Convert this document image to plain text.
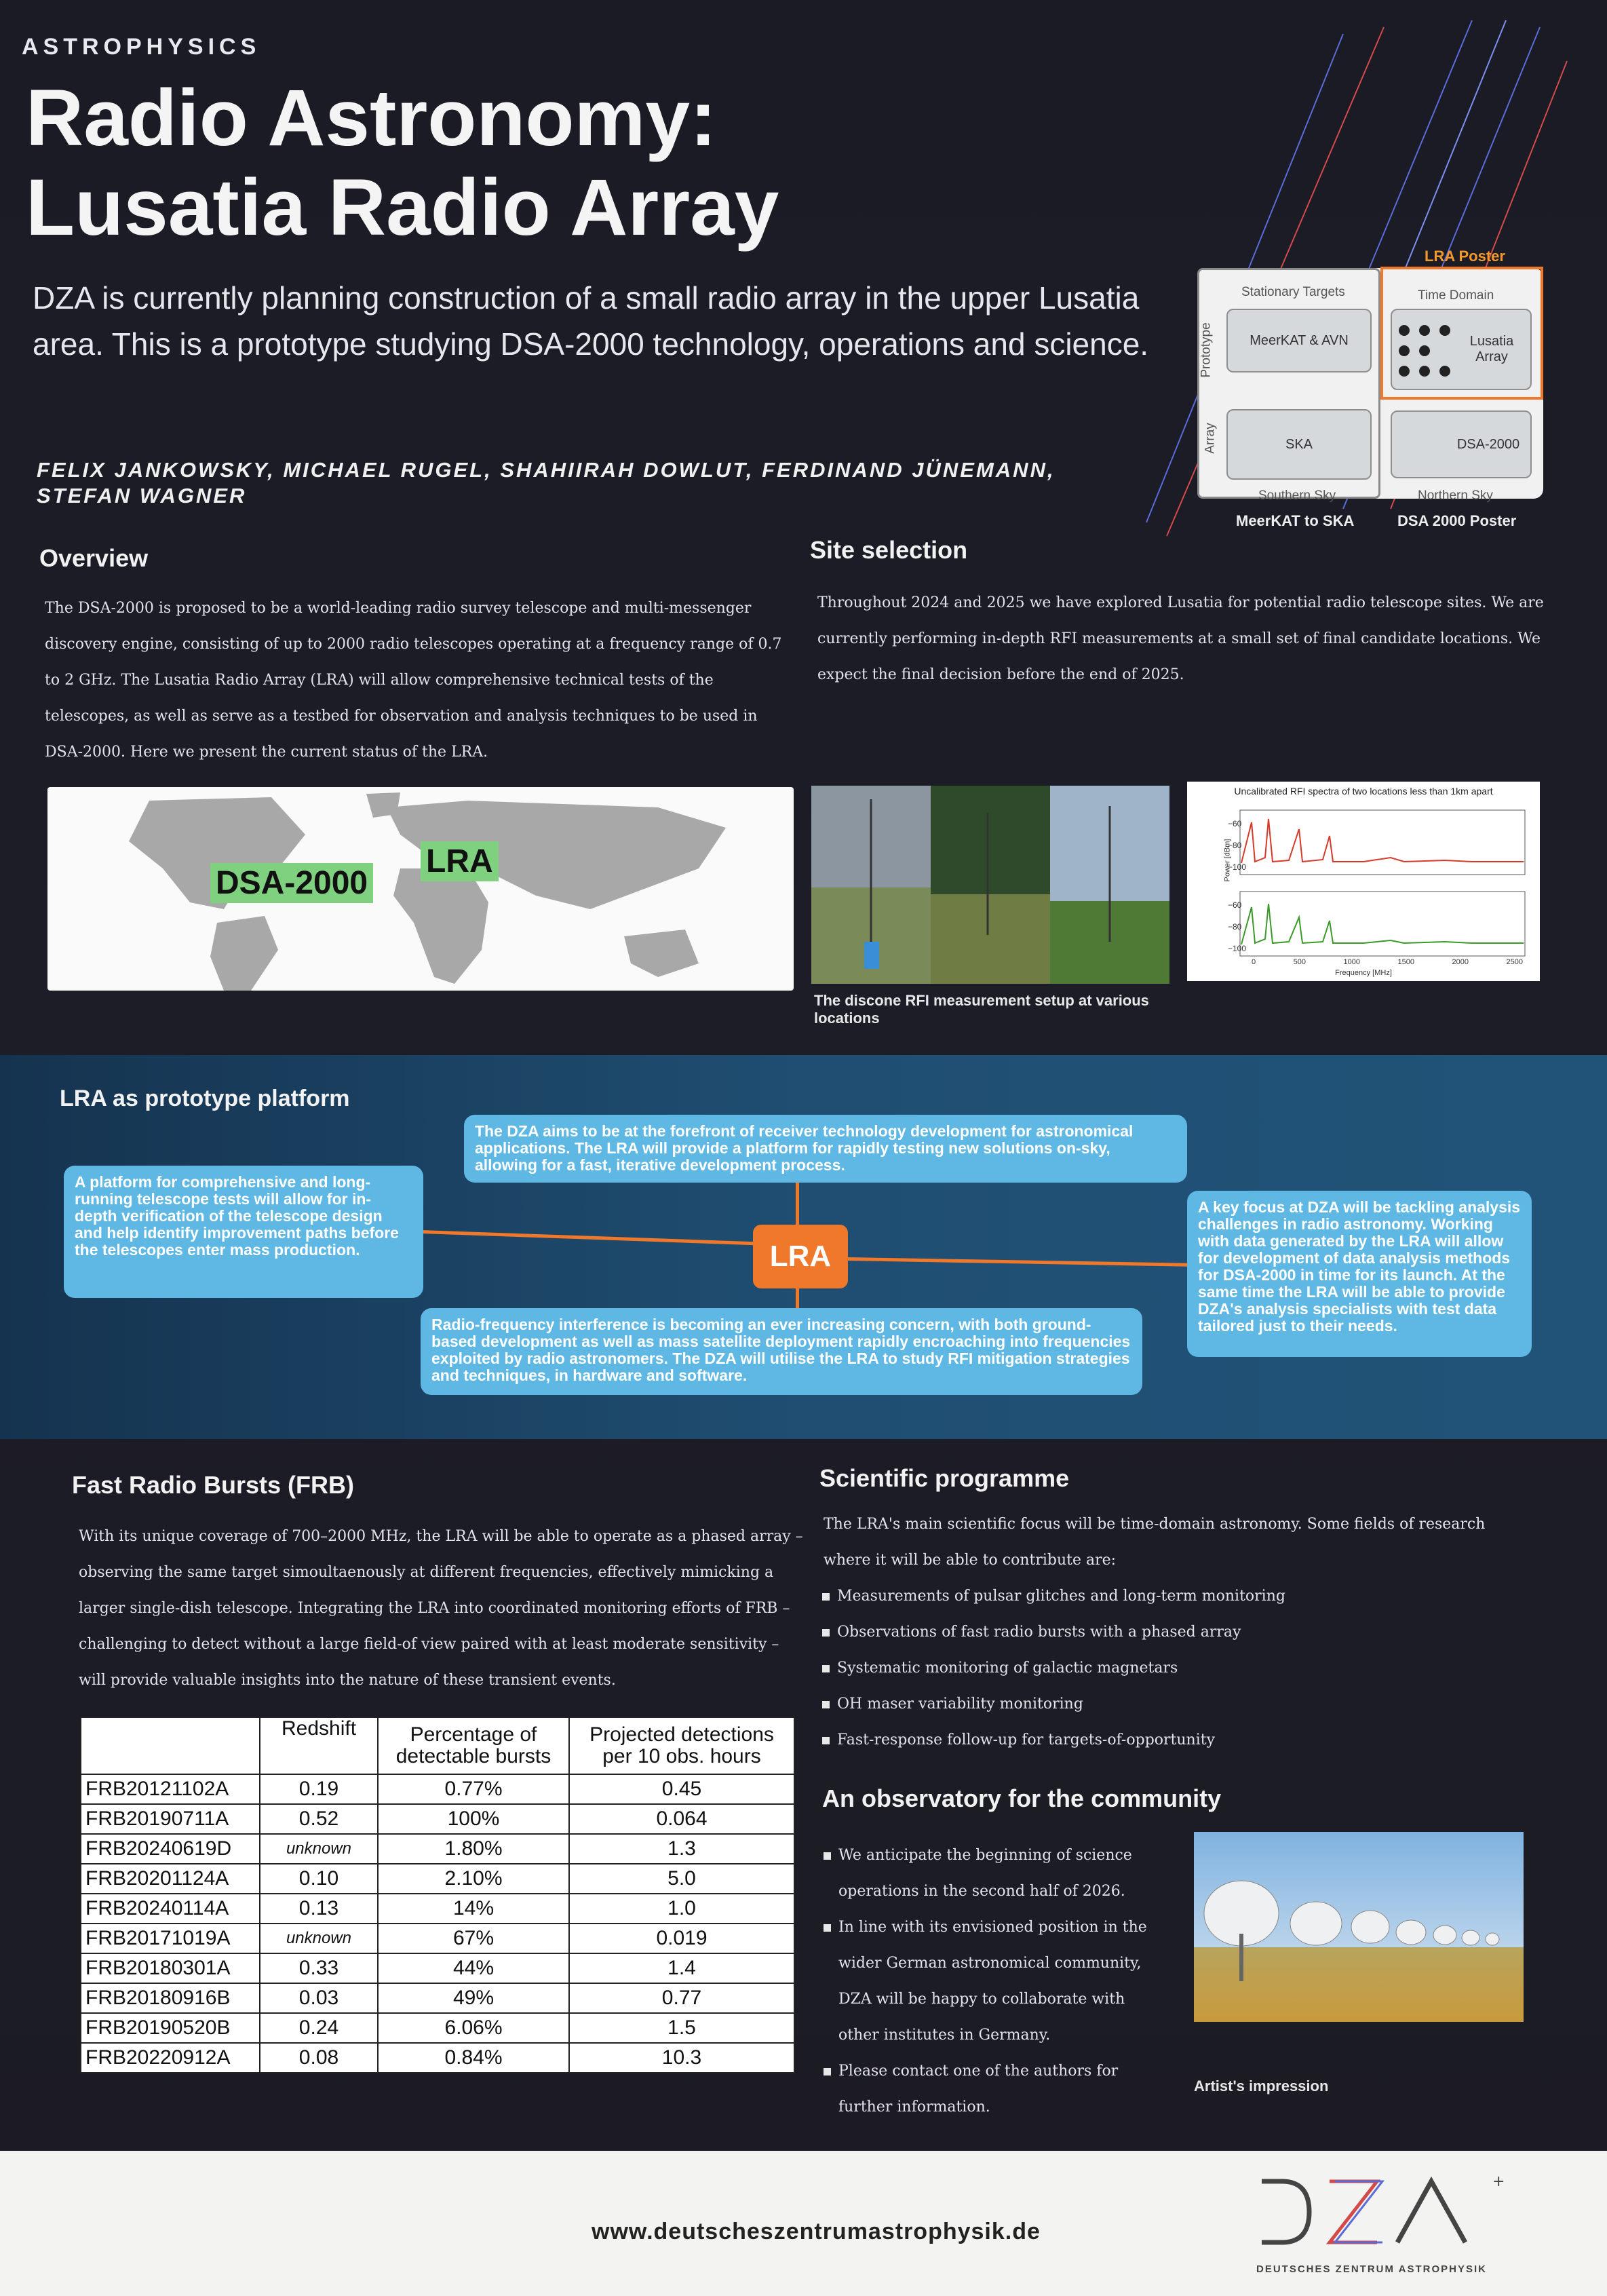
ASTROPHYSICS
Radio Astronomy:
Lusatia Radio Array
DZA is currently planning construction of a small radio array in the upper Lusatia area. This is a prototype studying DSA-2000 technology, operations and science.
FELIX JANKOWSKY, MICHAEL RUGEL, SHAHIIRAH DOWLUT, FERDINAND JÜNEMANN, STEFAN WAGNER
LRA Poster
Stationary Targets	Time Domain
Prototype
Array
MeerKAT & AVN	Lusatia Array
SKA	DSA-2000
Southern Sky	Northern Sky
MeerKAT to SKA	DSA 2000 Poster
Overview
The DSA-2000 is proposed to be a world-leading radio survey telescope and multi-messenger discovery engine, consisting of up to 2000 radio telescopes operating at a frequency range of 0.7 to 2 GHz. The Lusatia Radio Array (LRA) will allow comprehensive technical tests of the telescopes, as well as serve as a testbed for observation and analysis techniques to be used in DSA-2000. Here we present the current status of the LRA.
DSA-2000
LRA
Site selection
Throughout 2024 and 2025 we have explored Lusatia for potential radio telescope sites. We are currently performing in-depth RFI measurements at a small set of final candidate locations. We expect the final decision before the end of 2025.
The discone RFI measurement setup at various locations
Uncalibrated RFI spectra of two locations less than 1km apart
−60
−80
−100
−60
−80
−100
Power [dBm]
0	500	1000	1500	2000	2500
Frequency [MHz]
LRA as prototype platform
The DZA aims to be at the forefront of receiver technology development for astronomical applications. The LRA will provide a platform for rapidly testing new solutions on-sky, allowing for a fast, iterative development process.
A platform for comprehensive and long-running telescope tests will allow for in-depth verification of the telescope design and help identify improvement paths before the telescopes enter mass production.
A key focus at DZA will be tackling analysis challenges in radio astronomy. Working with data generated by the LRA will allow for development of data analysis methods for DSA-2000 in time for its launch. At the same time the LRA will be able to provide DZA's analysis specialists with test data tailored just to their needs.
Radio-frequency interference is becoming an ever increasing concern, with both ground-based development as well as mass satellite deployment rapidly encroaching into frequencies exploited by radio astronomers. The DZA will utilise the LRA to study RFI mitigation strategies and techniques, in hardware and software.
LRA
Fast Radio Bursts (FRB)
With its unique coverage of 700–2000 MHz, the LRA will be able to operate as a phased array – observing the same target simoultaenously at different frequencies, effectively mimicking a larger single-dish telescope. Integrating the LRA into coordinated monitoring efforts of FRB – challenging to detect without a large field-of view paired with at least moderate sensitivity – will provide valuable insights into the nature of these transient events.
	Redshift	Percentage of detectable bursts	Projected detections per 10 obs. hours
FRB20121102A	0.19	0.77%	0.45
FRB20190711A	0.52	100%	0.064
FRB20240619D	unknown	1.80%	1.3
FRB20201124A	0.10	2.10%	5.0
FRB20240114A	0.13	14%	1.0
FRB20171019A	unknown	67%	0.019
FRB20180301A	0.33	44%	1.4
FRB20180916B	0.03	49%	0.77
FRB20190520B	0.24	6.06%	1.5
FRB20220912A	0.08	0.84%	10.3
Scientific programme
The LRA's main scientific focus will be time-domain astronomy. Some fields of research where it will be able to contribute are:
Measurements of pulsar glitches and long-term monitoring
Observations of fast radio bursts with a phased array
Systematic monitoring of galactic magnetars
OH maser variability monitoring
Fast-response follow-up for targets-of-opportunity
An observatory for the community
We anticipate the beginning of science operations in the second half of 2026.
In line with its envisioned position in the wider German astronomical community, DZA will be happy to collaborate with other institutes in Germany.
Please contact one of the authors for further information.
Artist's impression
www.deutscheszentrumastrophysik.de
+
DEUTSCHES ZENTRUM ASTROPHYSIK
